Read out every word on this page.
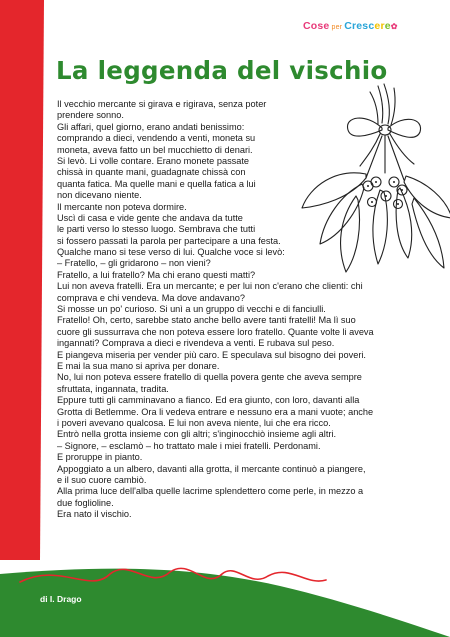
Cose per Crescere✿
La leggenda del vischio
Il vecchio mercante si girava e rigirava, senza poter
prendere sonno.
Gli affari, quel giorno, erano andati benissimo:
comprando a dieci, vendendo a venti, moneta su
moneta, aveva fatto un bel mucchietto di denari.
Si levò. Li volle contare. Erano monete passate
chissà in quante mani, guadagnate chissà con
quanta fatica. Ma quelle mani e quella fatica a lui
non dicevano niente.
Il mercante non poteva dormire.
Uscì di casa e vide gente che andava da tutte
le parti verso lo stesso luogo. Sembrava che tutti
si fossero passati la parola per partecipare a una festa.
Qualche mano si tese verso di lui. Qualche voce si levò:
– Fratello, – gli gridarono – non vieni?
Fratello, a lui fratello? Ma chi erano questi matti?
Lui non aveva fratelli. Era un mercante; e per lui non c'erano che clienti: chi
comprava e chi vendeva. Ma dove andavano?
Si mosse un po' curioso. Si unì a un gruppo di vecchi e di fanciulli.
Fratello! Oh, certo, sarebbe stato anche bello avere tanti fratelli! Ma lì suo
cuore gli sussurrava che non poteva essere loro fratello. Quante volte li aveva
ingannati? Comprava a dieci e rivendeva a venti. E rubava sul peso.
E piangeva miseria per vender più caro. E speculava sul bisogno dei poveri.
E mai la sua mano si apriva per donare.
No, lui non poteva essere fratello di quella povera gente che aveva sempre
sfruttata, ingannata, tradita.
Eppure tutti gli camminavano a fianco. Ed era giunto, con loro, davanti alla
Grotta di Betlemme. Ora li vedeva entrare e nessuno era a mani vuote; anche
i poveri avevano qualcosa. E lui non aveva niente, lui che era ricco.
Entrò nella grotta insieme con gli altri; s'inginocchiò insieme agli altri.
– Signore, – esclamò – ho trattato male i miei fratelli. Perdonami.
E proruppe in pianto.
Appoggiato a un albero, davanti alla grotta, il mercante continuò a piangere,
e il suo cuore cambiò.
Alla prima luce dell'alba quelle lacrime splendettero come perle, in mezzo a
due foglioline.
Era nato il vischio.
di I. Drago
